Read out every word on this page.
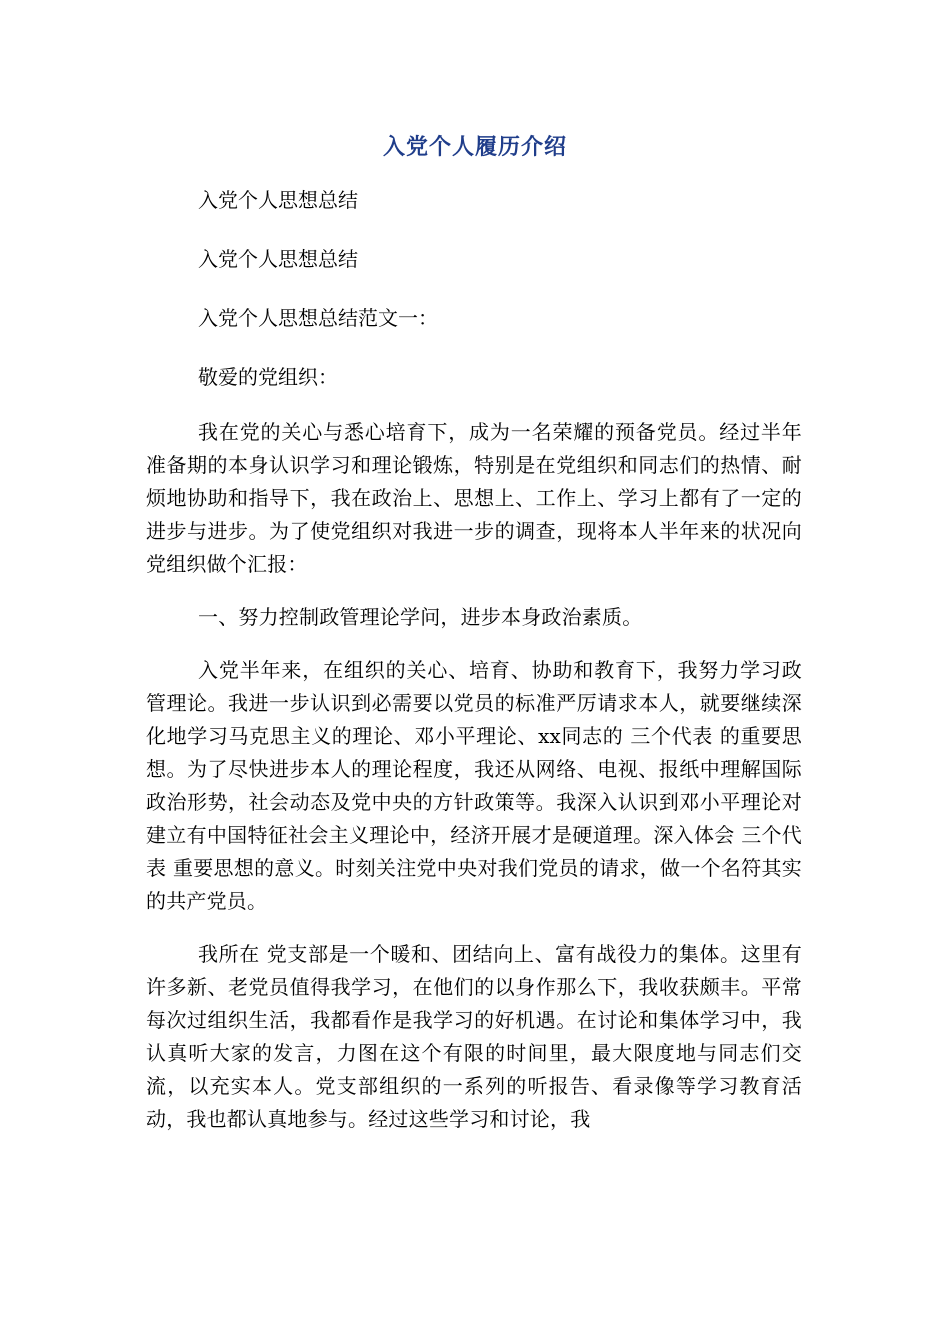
入党个人履历介绍

入党个人思想总结

入党个人思想总结

入党个人思想总结范文一：

敬爱的党组织：

我在党的关心与悉心培育下，成为一名荣耀的预备党员。经过半年准备期的本身认识学习和理论锻炼，特别是在党组织和同志们的热情、耐烦地协助和指导下，我在政治上、思想上、工作上、学习上都有了一定的进步与进步。为了使党组织对我进一步的调查，现将本人半年来的状况向党组织做个汇报：

一、努力控制政管理论学问，进步本身政治素质。

入党半年来，在组织的关心、培育、协助和教育下，我努力学习政管理论。我进一步认识到必需要以党员的标准严厉请求本人，就要继续深化地学习马克思主义的理论、邓小平理论、xx同志的 三个代表 的重要思想。为了尽快进步本人的理论程度，我还从网络、电视、报纸中理解国际政治形势，社会动态及党中央的方针政策等。我深入认识到邓小平理论对建立有中国特征社会主义理论中，经济开展才是硬道理。深入体会 三个代表 重要思想的意义。时刻关注党中央对我们党员的请求，做一个名符其实的共产党员。

我所在 党支部是一个暖和、团结向上、富有战役力的集体。这里有许多新、老党员值得我学习，在他们的以身作那么下，我收获颇丰。平常每次过组织生活，我都看作是我学习的好机遇。在讨论和集体学习中，我认真听大家的发言，力图在这个有限的时间里，最大限度地与同志们交流，以充实本人。党支部组织的一系列的听报告、看录像等学习教育活动，我也都认真地参与。经过这些学习和讨论，我
